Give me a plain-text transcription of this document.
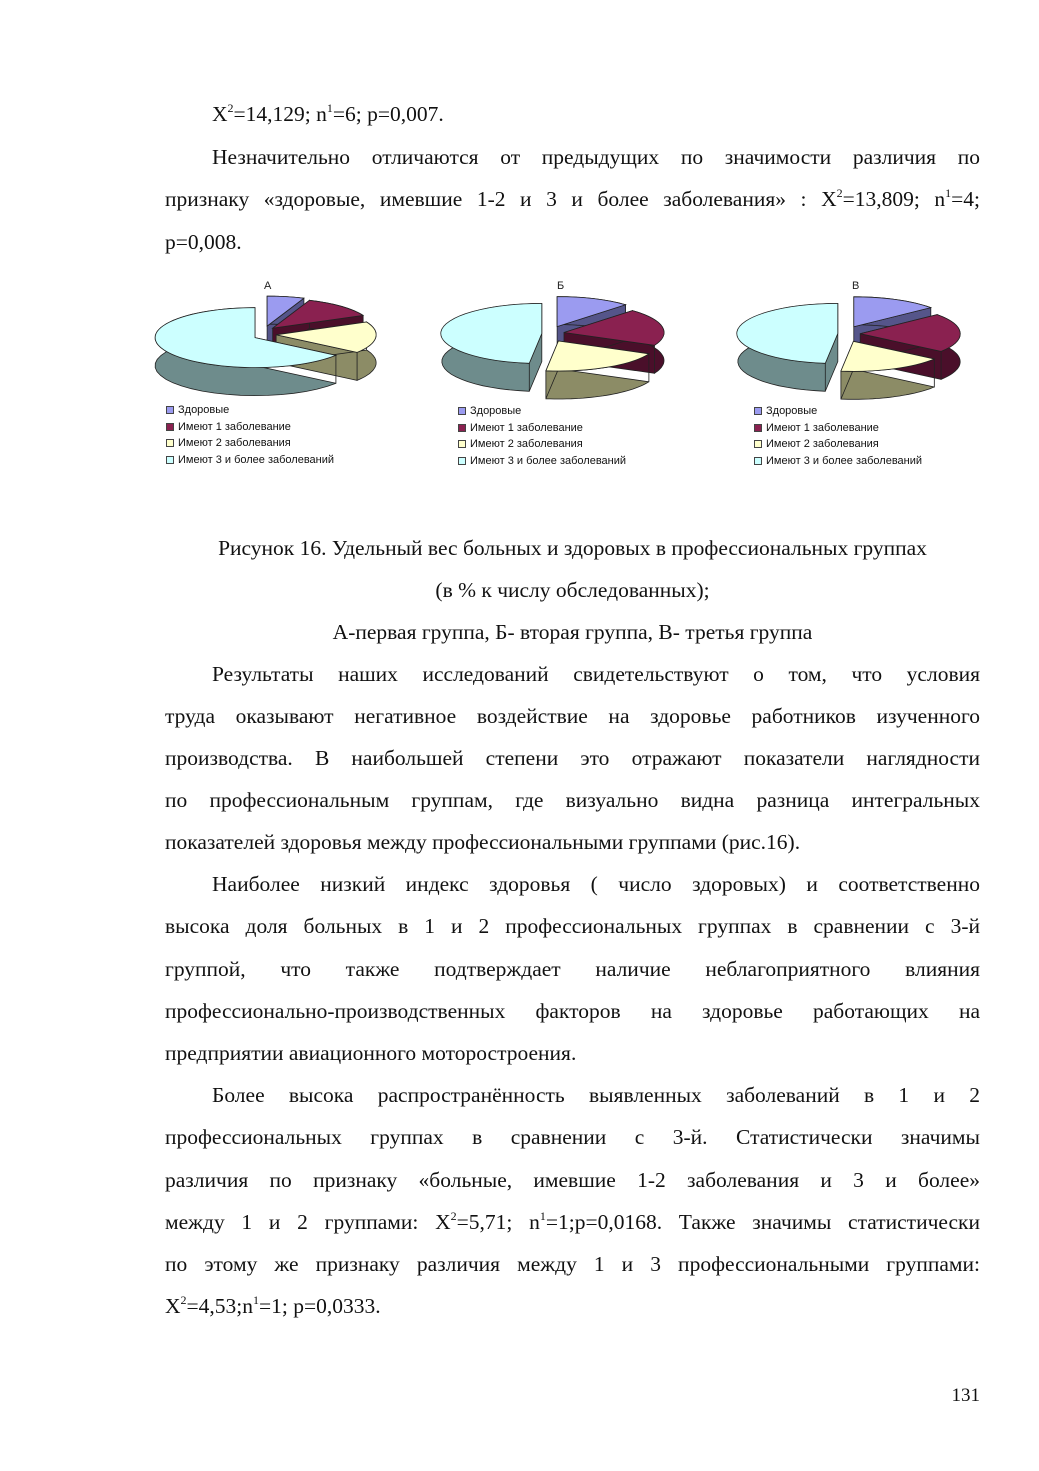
$X^2=14,129$; $n^1=6$; p=0,007.
Незначительно отличаются от предыдущих по значимости различия по
признаку «здоровые, имевшие 1-2 и 3 и более заболевания» : $X^2=13,809$; $n^1=4$;
p=0,008.
А	Б	В
Здоровые
Имеют 1 заболевание
Имеют 2 заболевания
Имеют 3 и более заболеваний
Здоровые
Имеют 1 заболевание
Имеют 2 заболевания
Имеют 3 и более заболеваний
Здоровые
Имеют 1 заболевание
Имеют 2 заболевания
Имеют 3 и более заболеваний
Рисунок 16. Удельный вес больных и здоровых в профессиональных группах
(в % к числу обследованных);
А-первая группа, Б- вторая группа, В- третья группа
Результаты наших исследований свидетельствуют о том, что условия
труда оказывают негативное воздействие на здоровье работников изученного
производства. В наибольшей степени это отражают показатели наглядности
по профессиональным группам, где визуально видна разница интегральных
показателей здоровья между профессиональными группами (рис.16).
Наиболее низкий индекс здоровья ( число здоровых) и соответственно
высока доля больных в 1 и 2 профессиональных группах в сравнении с 3-й
группой, что также подтверждает наличие неблагоприятного влияния
профессионально-производственных факторов на здоровье работающих на
предприятии авиационного моторостроения.
Более высока распространённость выявленных заболеваний в 1 и 2
профессиональных группах в сравнении с 3-й. Статистически значимы
различия по признаку «больные, имевшие 1-2 заболевания и 3 и более»
между 1 и 2 группами: $X^2=5,71$; $n^1=1;p=0,0168$. Также значимы статистически
по этому же признаку различия между 1 и 3 профессиональными группами:
$X^2=4,53;n^1=1$; p=0,0333.
131
